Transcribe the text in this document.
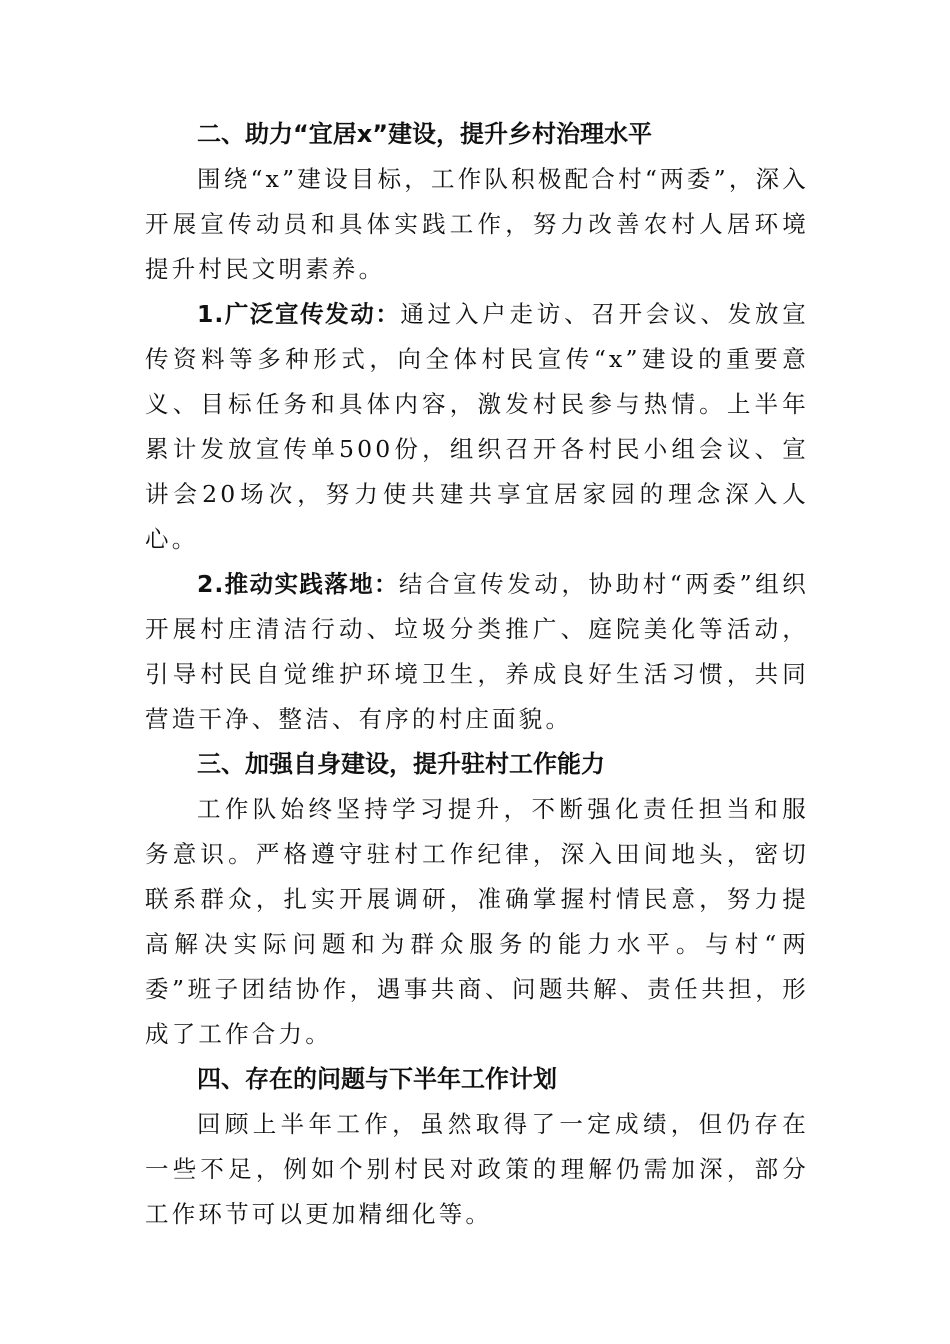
二、助力“宜居x”建设，提升乡村治理水平

围绕“x”建设目标，工作队积极配合村“两委”，深入开展宣传动员和具体实践工作，努力改善农村人居环境提升村民文明素养。

1.广泛宣传发动：通过入户走访、召开会议、发放宣传资料等多种形式，向全体村民宣传“x”建设的重要意义、目标任务和具体内容，激发村民参与热情。上半年累计发放宣传单500份，组织召开各村民小组会议、宣讲会20场次，努力使共建共享宜居家园的理念深入人心。

2.推动实践落地：结合宣传发动，协助村“两委”组织开展村庄清洁行动、垃圾分类推广、庭院美化等活动，引导村民自觉维护环境卫生，养成良好生活习惯，共同营造干净、整洁、有序的村庄面貌。

三、加强自身建设，提升驻村工作能力

工作队始终坚持学习提升，不断强化责任担当和服务意识。严格遵守驻村工作纪律，深入田间地头，密切联系群众，扎实开展调研，准确掌握村情民意，努力提高解决实际问题和为群众服务的能力水平。与村“两委”班子团结协作，遇事共商、问题共解、责任共担，形成了工作合力。

四、存在的问题与下半年工作计划

回顾上半年工作，虽然取得了一定成绩，但仍存在一些不足，例如个别村民对政策的理解仍需加深，部分工作环节可以更加精细化等。
